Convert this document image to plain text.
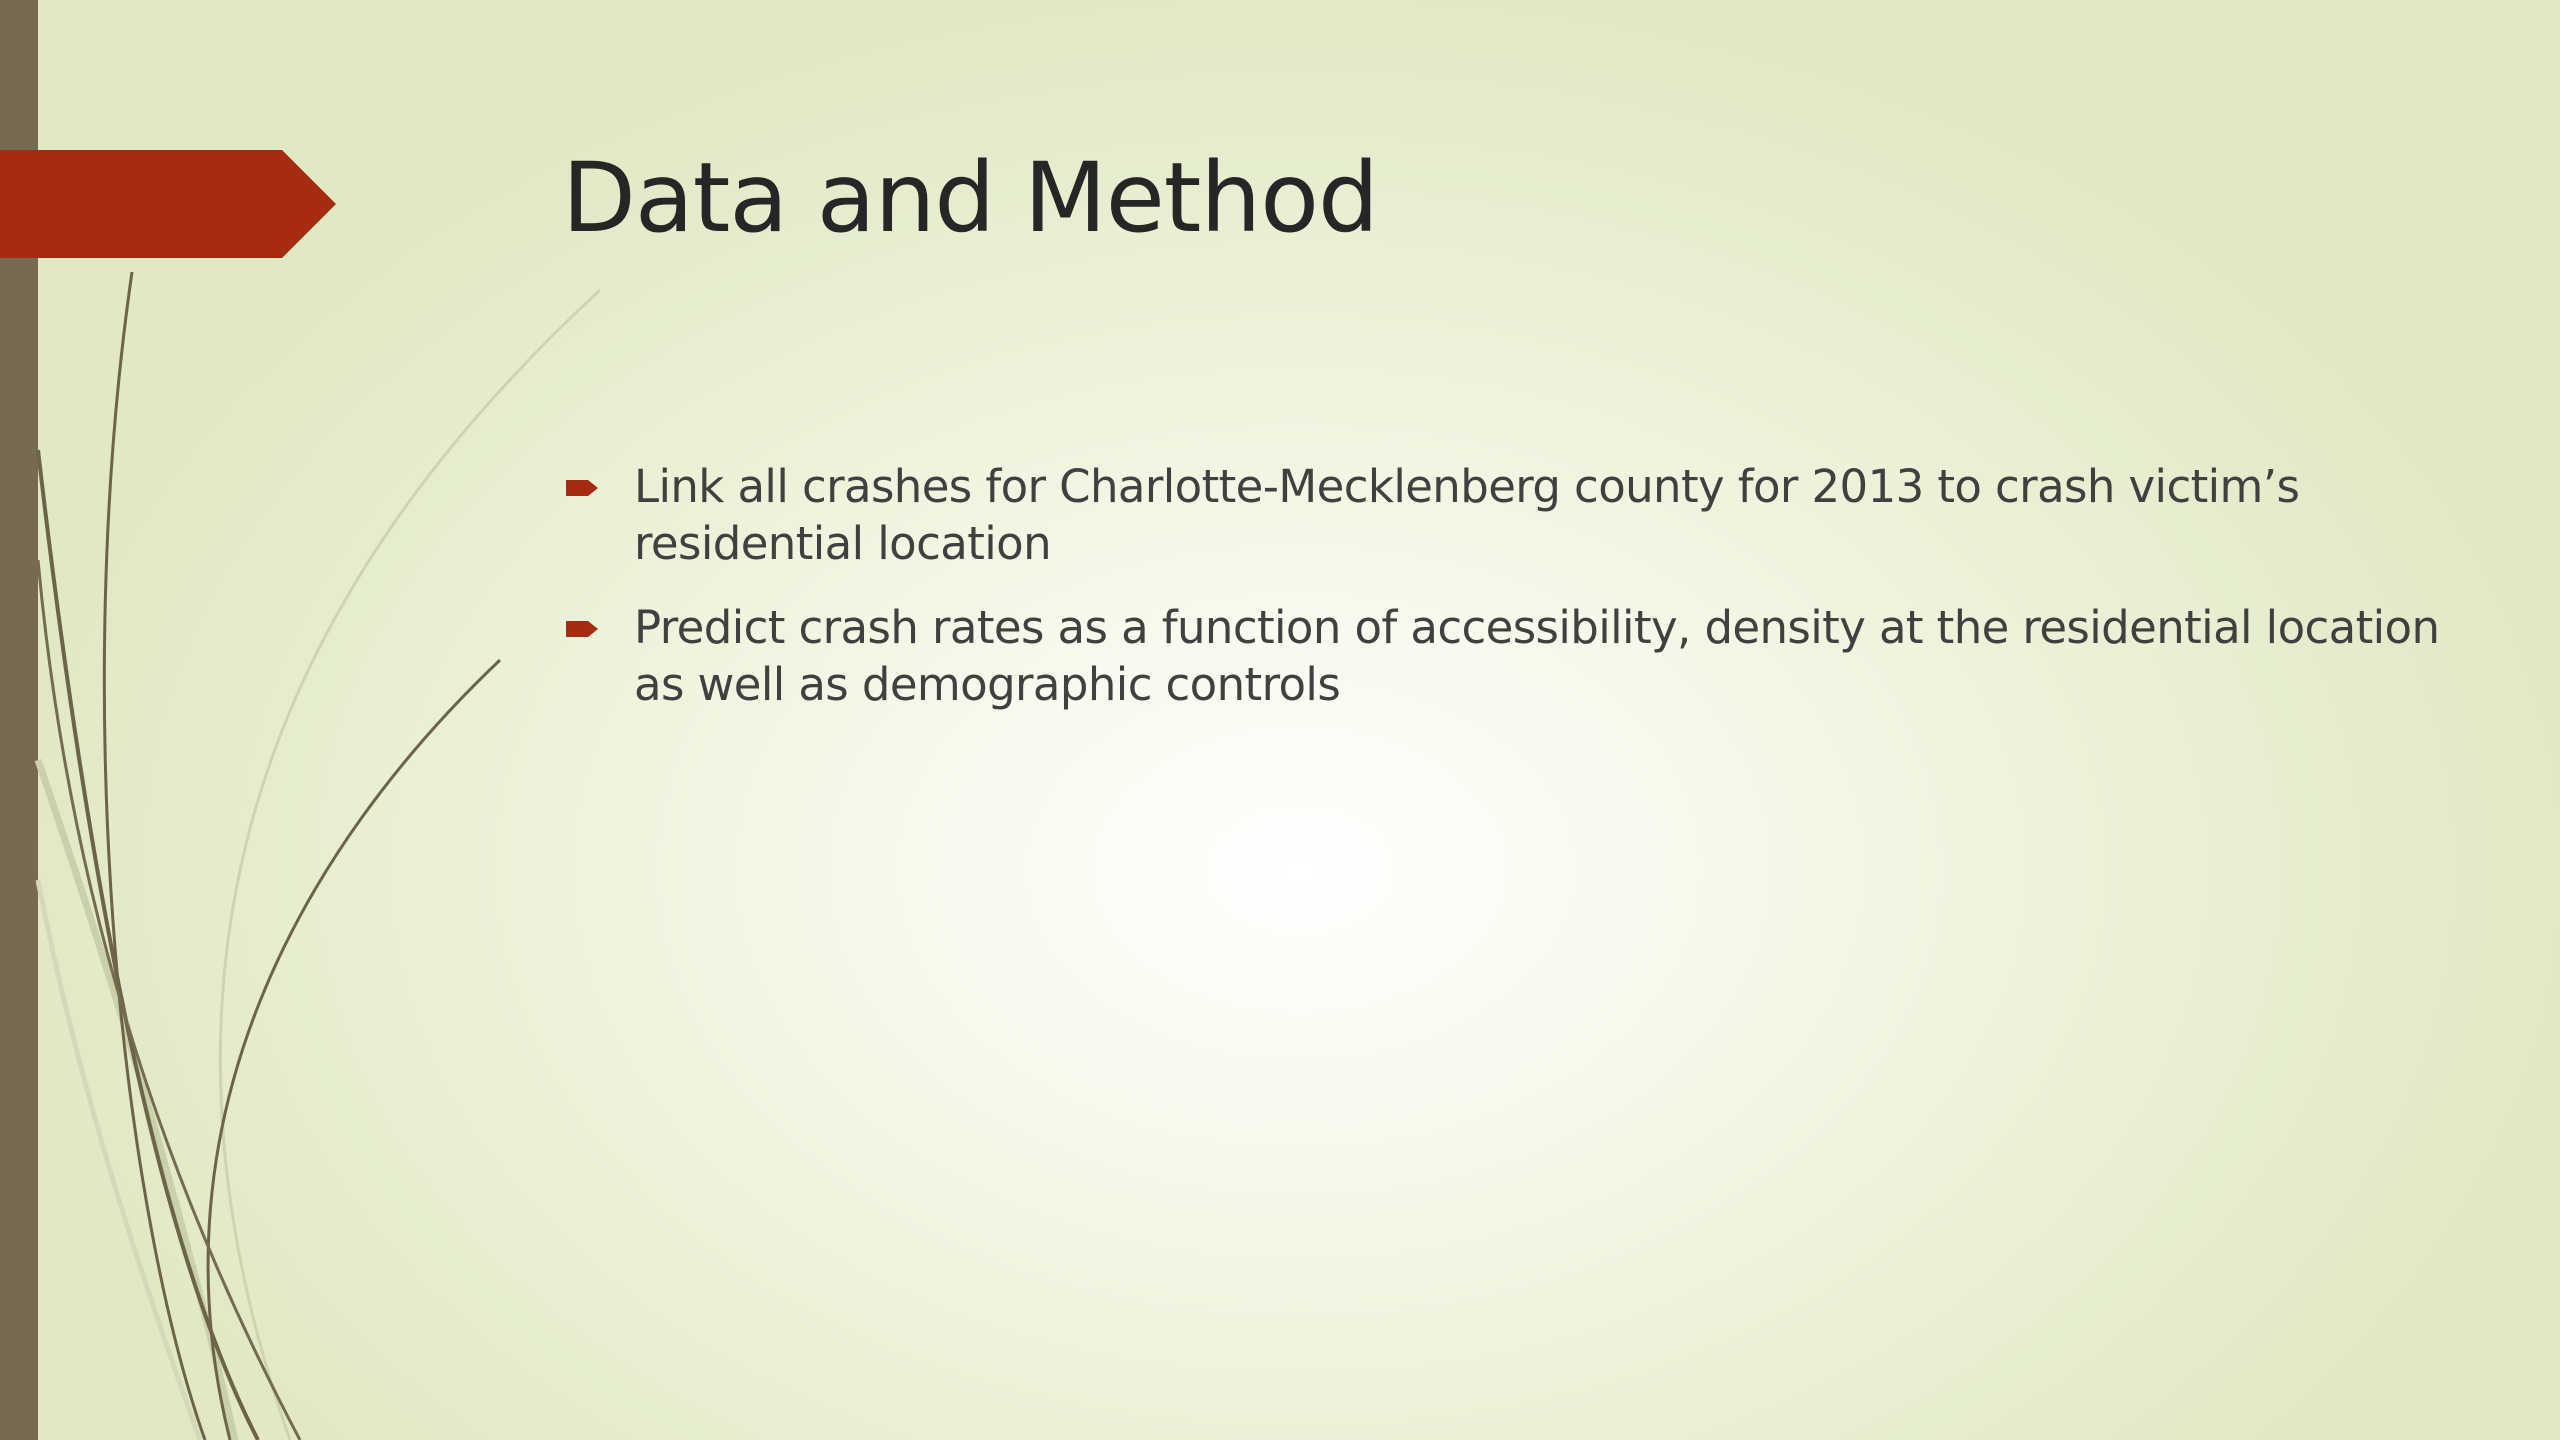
Data and Method
Link all crashes for Charlotte-Mecklenberg county for 2013 to crash victim’s residential location
Predict crash rates as a function of accessibility, density at the residential location as well as demographic controls
